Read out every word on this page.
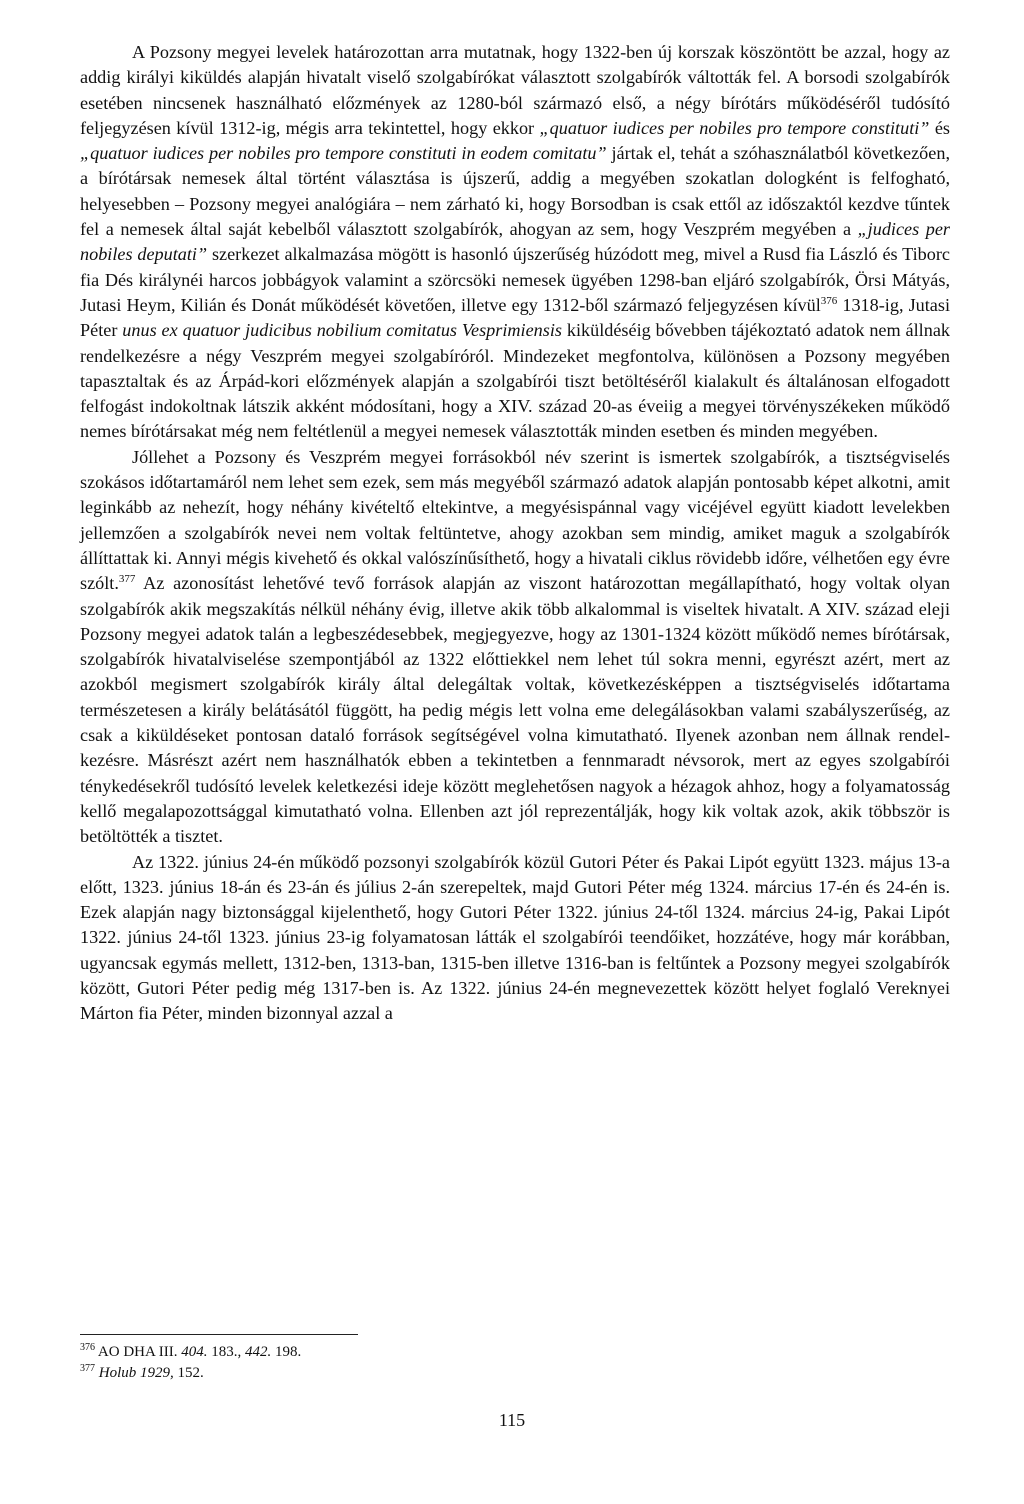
A Pozsony megyei levelek határozottan arra mutatnak, hogy 1322-ben új korszak köszöntött be azzal, hogy az addig királyi kiküldés alapján hivatalt viselő szolgabírókat választott szolgabírók váltották fel. A borsodi szolgabírók esetében nincsenek használható előzmények az 1280-ból származó első, a négy bírótárs működéséről tudósító feljegyzésen kívül 1312-ig, mégis arra tekintettel, hogy ekkor „quatuor iudices per nobiles pro tempore constituti” és „quatuor iudices per nobiles pro tempore constituti in eodem comitatu” jártak el, tehát a szóhasználatból következően, a bírótársak nemesek által történt választása is újszerű, addig a megyében szokatlan dologként is felfogható, helyesebben – Pozsony megyei analógiára – nem zárható ki, hogy Borsodban is csak ettől az időszaktól kezdve tűntek fel a nemesek által saját kebelből választott szolgabírók, ahogyan az sem, hogy Veszprém megyében a „judices per nobiles deputati” szerkezet alkalmazása mögött is hasonló újszerűség húzódott meg, mivel a Rusd fia László és Tiborc fia Dés királynéi harcos jobbágyok valamint a szörcsöki nemesek ügyében 1298-ban eljáró szolgabírók, Örsi Mátyás, Jutasi Heym, Kilián és Donát működését követően, illetve egy 1312-ből származó feljegyzésen kívül$^{376}$ 1318-ig, Jutasi Péter unus ex quatuor judicibus nobilium comitatus Vesprimiensis kiküldéséig bővebben tájékoztató adatok nem állnak rendelkezésre a négy Veszprém megyei szolgabíróról. Mindezeket megfontolva, különösen a Pozsony megyében tapasztaltak és az Árpád-kori előzmények alapján a szolgabírói tiszt betöltéséről kialakult és általánosan elfogadott felfogást indokoltnak látszik akként módosítani, hogy a XIV. század 20-as éveiig a megyei törvényszékeken működő nemes bírótársakat még nem feltétlenül a megyei nemesek választották minden esetben és minden megyében.

Jóllehet a Pozsony és Veszprém megyei forrásokból név szerint is ismertek szolgabírók, a tisztségviselés szokásos időtartamáról nem lehet sem ezek, sem más megyéből származó adatok alapján pontosabb képet alkotni, amit leginkább az nehezít, hogy néhány kivételtő eltekintve, a megyésispánnal vagy vicéjével együtt kiadott levelekben jellemzően a szolgabírók nevei nem voltak feltüntetve, ahogy azokban sem mindig, amiket maguk a szolgabírók állíttattak ki. Annyi mégis kivehető és okkal valószínűsíthető, hogy a hivatali ciklus rövidebb időre, vélhetően egy évre szólt.$^{377}$ Az azonosítást lehetővé tevő források alapján az viszont határozottan megállapítható, hogy voltak olyan szolgabírók akik megszakítás nélkül néhány évig, illetve akik több alkalommal is viseltek hivatalt. A XIV. század eleji Pozsony megyei adatok talán a legbeszédesebbek, megjegyezve, hogy az 1301-1324 között működő nemes bírótársak, szolgabírók hivatalviselése szempontjából az 1322 előttiekkel nem lehet túl sokra menni, egyrészt azért, mert az azokból megismert szolgabírók király által delegáltak voltak, következésképpen a tisztségviselés időtartama természetesen a király belátásától függött, ha pedig mégis lett volna eme delegálásokban valami szabályszerűség, az csak a kiküldéseket pontosan dataló források segítségével volna kimutatható. Ilyenek azonban nem állnak rendelkezésre. Másrészt azért nem használhatók ebben a tekintetben a fennmaradt névsorok, mert az egyes szolgabírói ténykedésekről tudósító levelek keletkezési ideje között meglehetősen nagyok a hézagok ahhoz, hogy a folyamatosság kellő megalapozottsággal kimutatható volna. Ellenben azt jól reprezentálják, hogy kik voltak azok, akik többször is betöltötték a tisztet.

Az 1322. június 24-én működő pozsonyi szolgabírók közül Gutori Péter és Pakai Lipót együtt 1323. május 13-a előtt, 1323. június 18-án és 23-án és július 2-án szerepeltek, majd Gutori Péter még 1324. március 17-én és 24-én is. Ezek alapján nagy biztonsággal kijelenthető, hogy Gutori Péter 1322. június 24-től 1324. március 24-ig, Pakai Lipót 1322. június 24-től 1323. június 23-ig folyamatosan látták el szolgabírói teendőiket, hozzátéve, hogy már korábban, ugyancsak egymás mellett, 1312-ben, 1313-ban, 1315-ben illetve 1316-ban is feltűntek a Pozsony megyei szolgabírók között, Gutori Péter pedig még 1317-ben is. Az 1322. június 24-én megnevezettek között helyet foglaló Vereknyei Márton fia Péter, minden bizonnyal azzal a

$^{376}$ AO DHA III. 404. 183., 442. 198.

$^{377}$ Holub 1929, 152.

115
